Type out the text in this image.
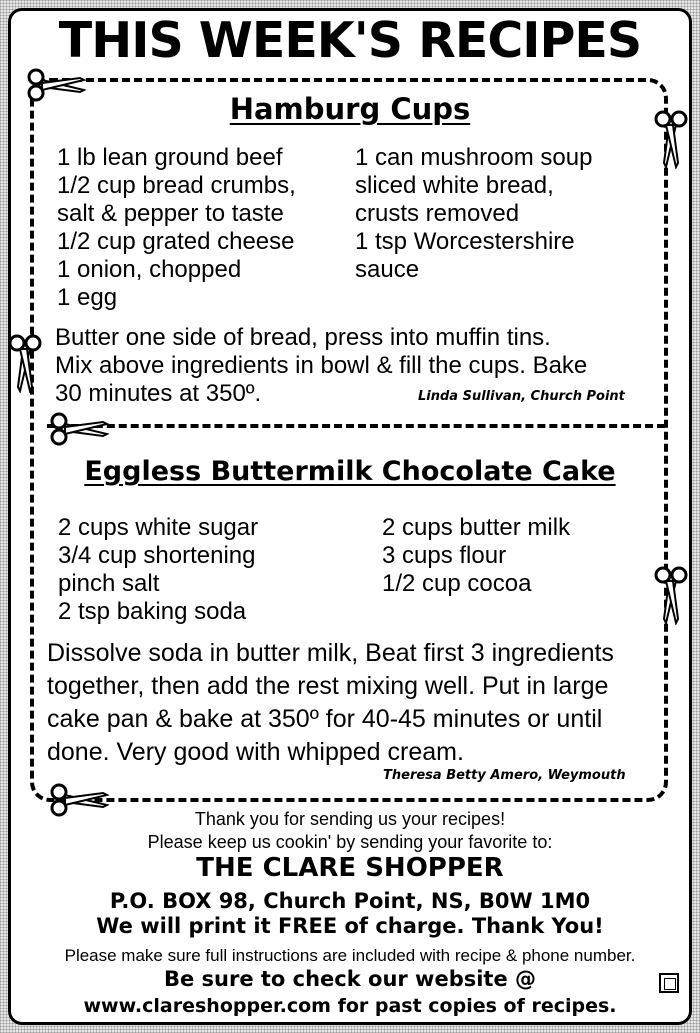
THIS WEEK'S RECIPES
Hamburg Cups
1 lb lean ground beef
1/2 cup bread crumbs,
salt & pepper to taste
1/2 cup grated cheese
1 onion, chopped
1 egg
1 can mushroom soup
sliced white bread,
crusts removed
1 tsp Worcestershire
sauce
Butter one side of bread, press into muffin tins.
Mix above ingredients in bowl & fill the cups. Bake
30 minutes at 350º.	Linda Sullivan, Church Point
Eggless Buttermilk Chocolate Cake
2 cups white sugar
3/4 cup shortening
pinch salt
2 tsp baking soda
2 cups butter milk
3 cups flour
1/2 cup cocoa
Dissolve soda in butter milk, Beat first 3 ingredients
together, then add the rest mixing well. Put in large
cake pan & bake at 350º for 40-45 minutes or until
done. Very good with whipped cream.
Theresa Betty Amero, Weymouth
Thank you for sending us your recipes!
Please keep us cookin' by sending your favorite to:
THE CLARE SHOPPER
P.O. BOX 98, Church Point, NS, B0W 1M0
We will print it FREE of charge. Thank You!
Please make sure full instructions are included with recipe & phone number.
Be sure to check our website @
www.clareshopper.com for past copies of recipes.
